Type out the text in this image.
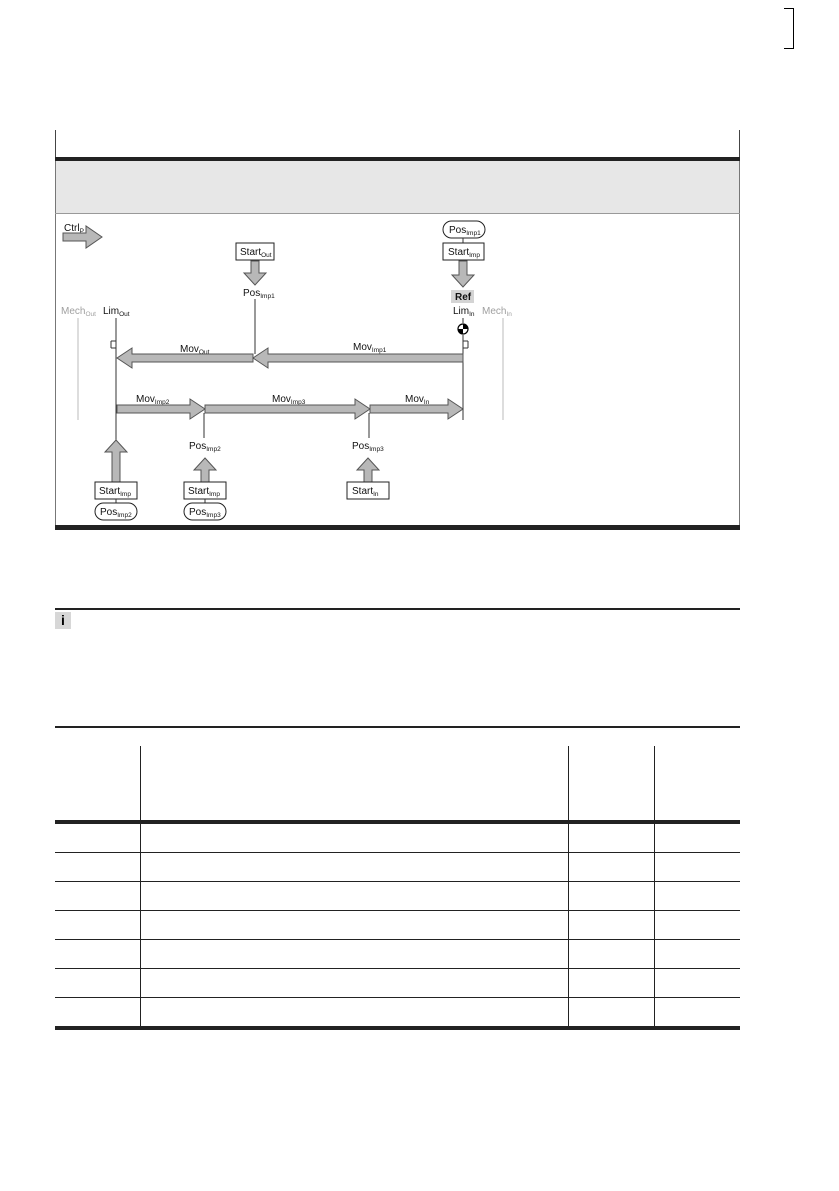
Ctrl$_P$
Mech$_{Out}$	Mech$_{In}$
Lim$_{Out}$	Lim$_{In}$
Pos$_{Imp1}$
Start$_{Imp}$
Ref
Start$_{Out}$
Pos$_{Imp1}$
Mov$_{Out}$	Mov$_{Imp1}$
Mov$_{Imp2}$	Mov$_{Imp3}$	Mov$_{In}$
Start$_{Imp}$
Pos$_{Imp2}$
Pos$_{Imp2}$
Start$_{Imp}$
Pos$_{Imp3}$
Pos$_{Imp3}$
Start$_{In}$
i
